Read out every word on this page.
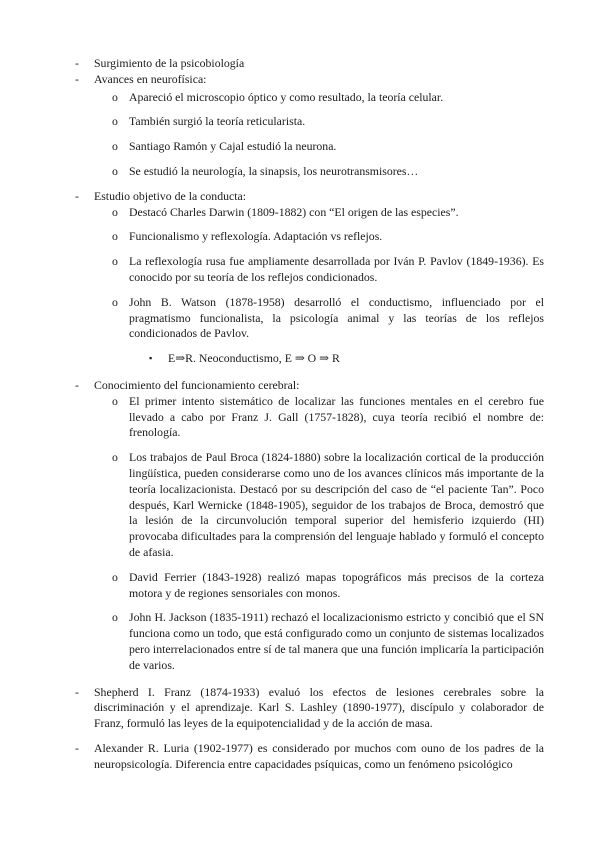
-	Surgimiento de la psicobiología
-	Avances en neurofísica:
o Apareció el microscopio óptico y como resultado, la teoría celular.
o También surgió la teoría reticularista.
o Santiago Ramón y Cajal estudió la neurona.
o Se estudió la neurología, la sinapsis, los neurotransmisores…
-	Estudio objetivo de la conducta:
o Destacó Charles Darwin (1809-1882) con “El origen de las especies”.
o Funcionalismo y reflexología. Adaptación vs reflejos.
o La reflexología rusa fue ampliamente desarrollada por Iván P. Pavlov (1849-1936). Es conocido por su teoría de los reflejos condicionados.
o John B. Watson (1878-1958) desarrolló el conductismo, influenciado por el pragmatismo funcionalista, la psicología animal y las teorías de los reflejos condicionados de Pavlov.
▪ E⇒R. Neoconductismo, E ⇒ O ⇒ R
-	Conocimiento del funcionamiento cerebral:
o El primer intento sistemático de localizar las funciones mentales en el cerebro fue llevado a cabo por Franz J. Gall (1757-1828), cuya teoría recibió el nombre de: frenología.
o Los trabajos de Paul Broca (1824-1880) sobre la localización cortical de la producción lingüística, pueden considerarse como uno de los avances clínicos más importante de la teoría localizacionista. Destacó por su descripción del caso de “el paciente Tan”. Poco después, Karl Wernicke (1848-1905), seguidor de los trabajos de Broca, demostró que la lesión de la circunvolución temporal superior del hemisferio izquierdo (HI) provocaba dificultades para la comprensión del lenguaje hablado y formuló el concepto de afasia.
o David Ferrier (1843-1928) realizó mapas topográficos más precisos de la corteza motora y de regiones sensoriales con monos.
o John H. Jackson (1835-1911) rechazó el localizacionismo estricto y concibió que el SN funciona como un todo, que está configurado como un conjunto de sistemas localizados pero interrelacionados entre sí de tal manera que una función implicaría la participación de varios.
-	Shepherd I. Franz (1874-1933) evaluó los efectos de lesiones cerebrales sobre la discriminación y el aprendizaje. Karl S. Lashley (1890-1977), discípulo y colaborador de Franz, formuló las leyes de la equipotencialidad y de la acción de masa.
-	Alexander R. Luria (1902-1977) es considerado por muchos com ouno de los padres de la neuropsicología. Diferencia entre capacidades psíquicas, como un fenómeno psicológico
